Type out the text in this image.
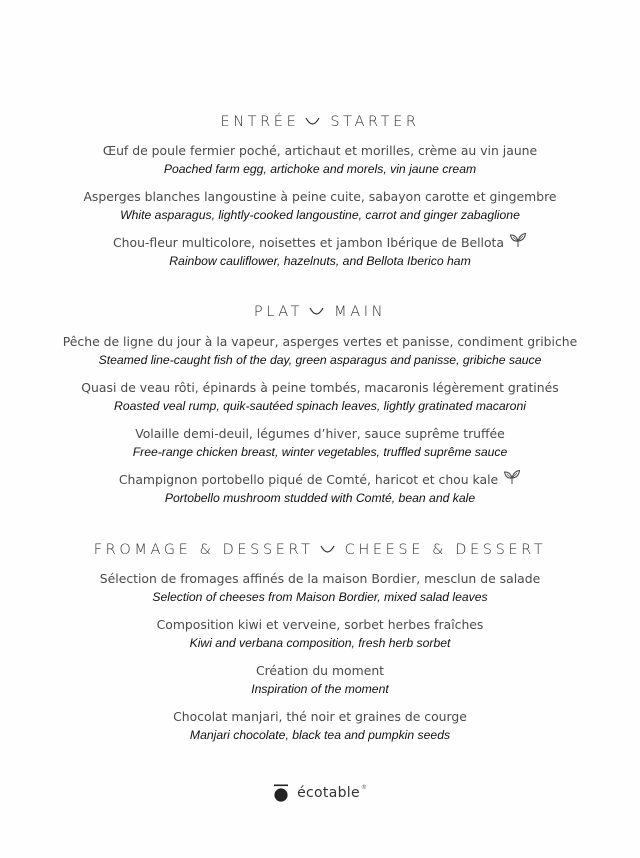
ENTRÉE STARTER
Œuf de poule fermier poché, artichaut et morilles, crème au vin jaune
Poached farm egg, artichoke and morels, vin jaune cream
Asperges blanches langoustine à peine cuite, sabayon carotte et gingembre
White asparagus, lightly-cooked langoustine, carrot and ginger zabaglione
Chou-fleur multicolore, noisettes et jambon Ibérique de Bellota
Rainbow cauliflower, hazelnuts, and Bellota Iberico ham
PLAT MAIN
Pêche de ligne du jour à la vapeur, asperges vertes et panisse, condiment gribiche
Steamed line-caught fish of the day, green asparagus and panisse, gribiche sauce
Quasi de veau rôti, épinards à peine tombés, macaronis légèrement gratinés
Roasted veal rump, quik-sautéed spinach leaves, lightly gratinated macaroni
Volaille demi-deuil, légumes d’hiver, sauce suprême truffée
Free-range chicken breast, winter vegetables, truffled suprême sauce
Champignon portobello piqué de Comté, haricot et chou kale
Portobello mushroom studded with Comté, bean and kale
FROMAGE & DESSERT CHEESE & DESSERT
Sélection de fromages affinés de la maison Bordier, mesclun de salade
Selection of cheeses from Maison Bordier, mixed salad leaves
Composition kiwi et verveine, sorbet herbes fraîches
Kiwi and verbana composition, fresh herb sorbet
Création du moment
Inspiration of the moment
Chocolat manjari, thé noir et graines de courge
Manjari chocolate, black tea and pumpkin seeds
écotable ®
